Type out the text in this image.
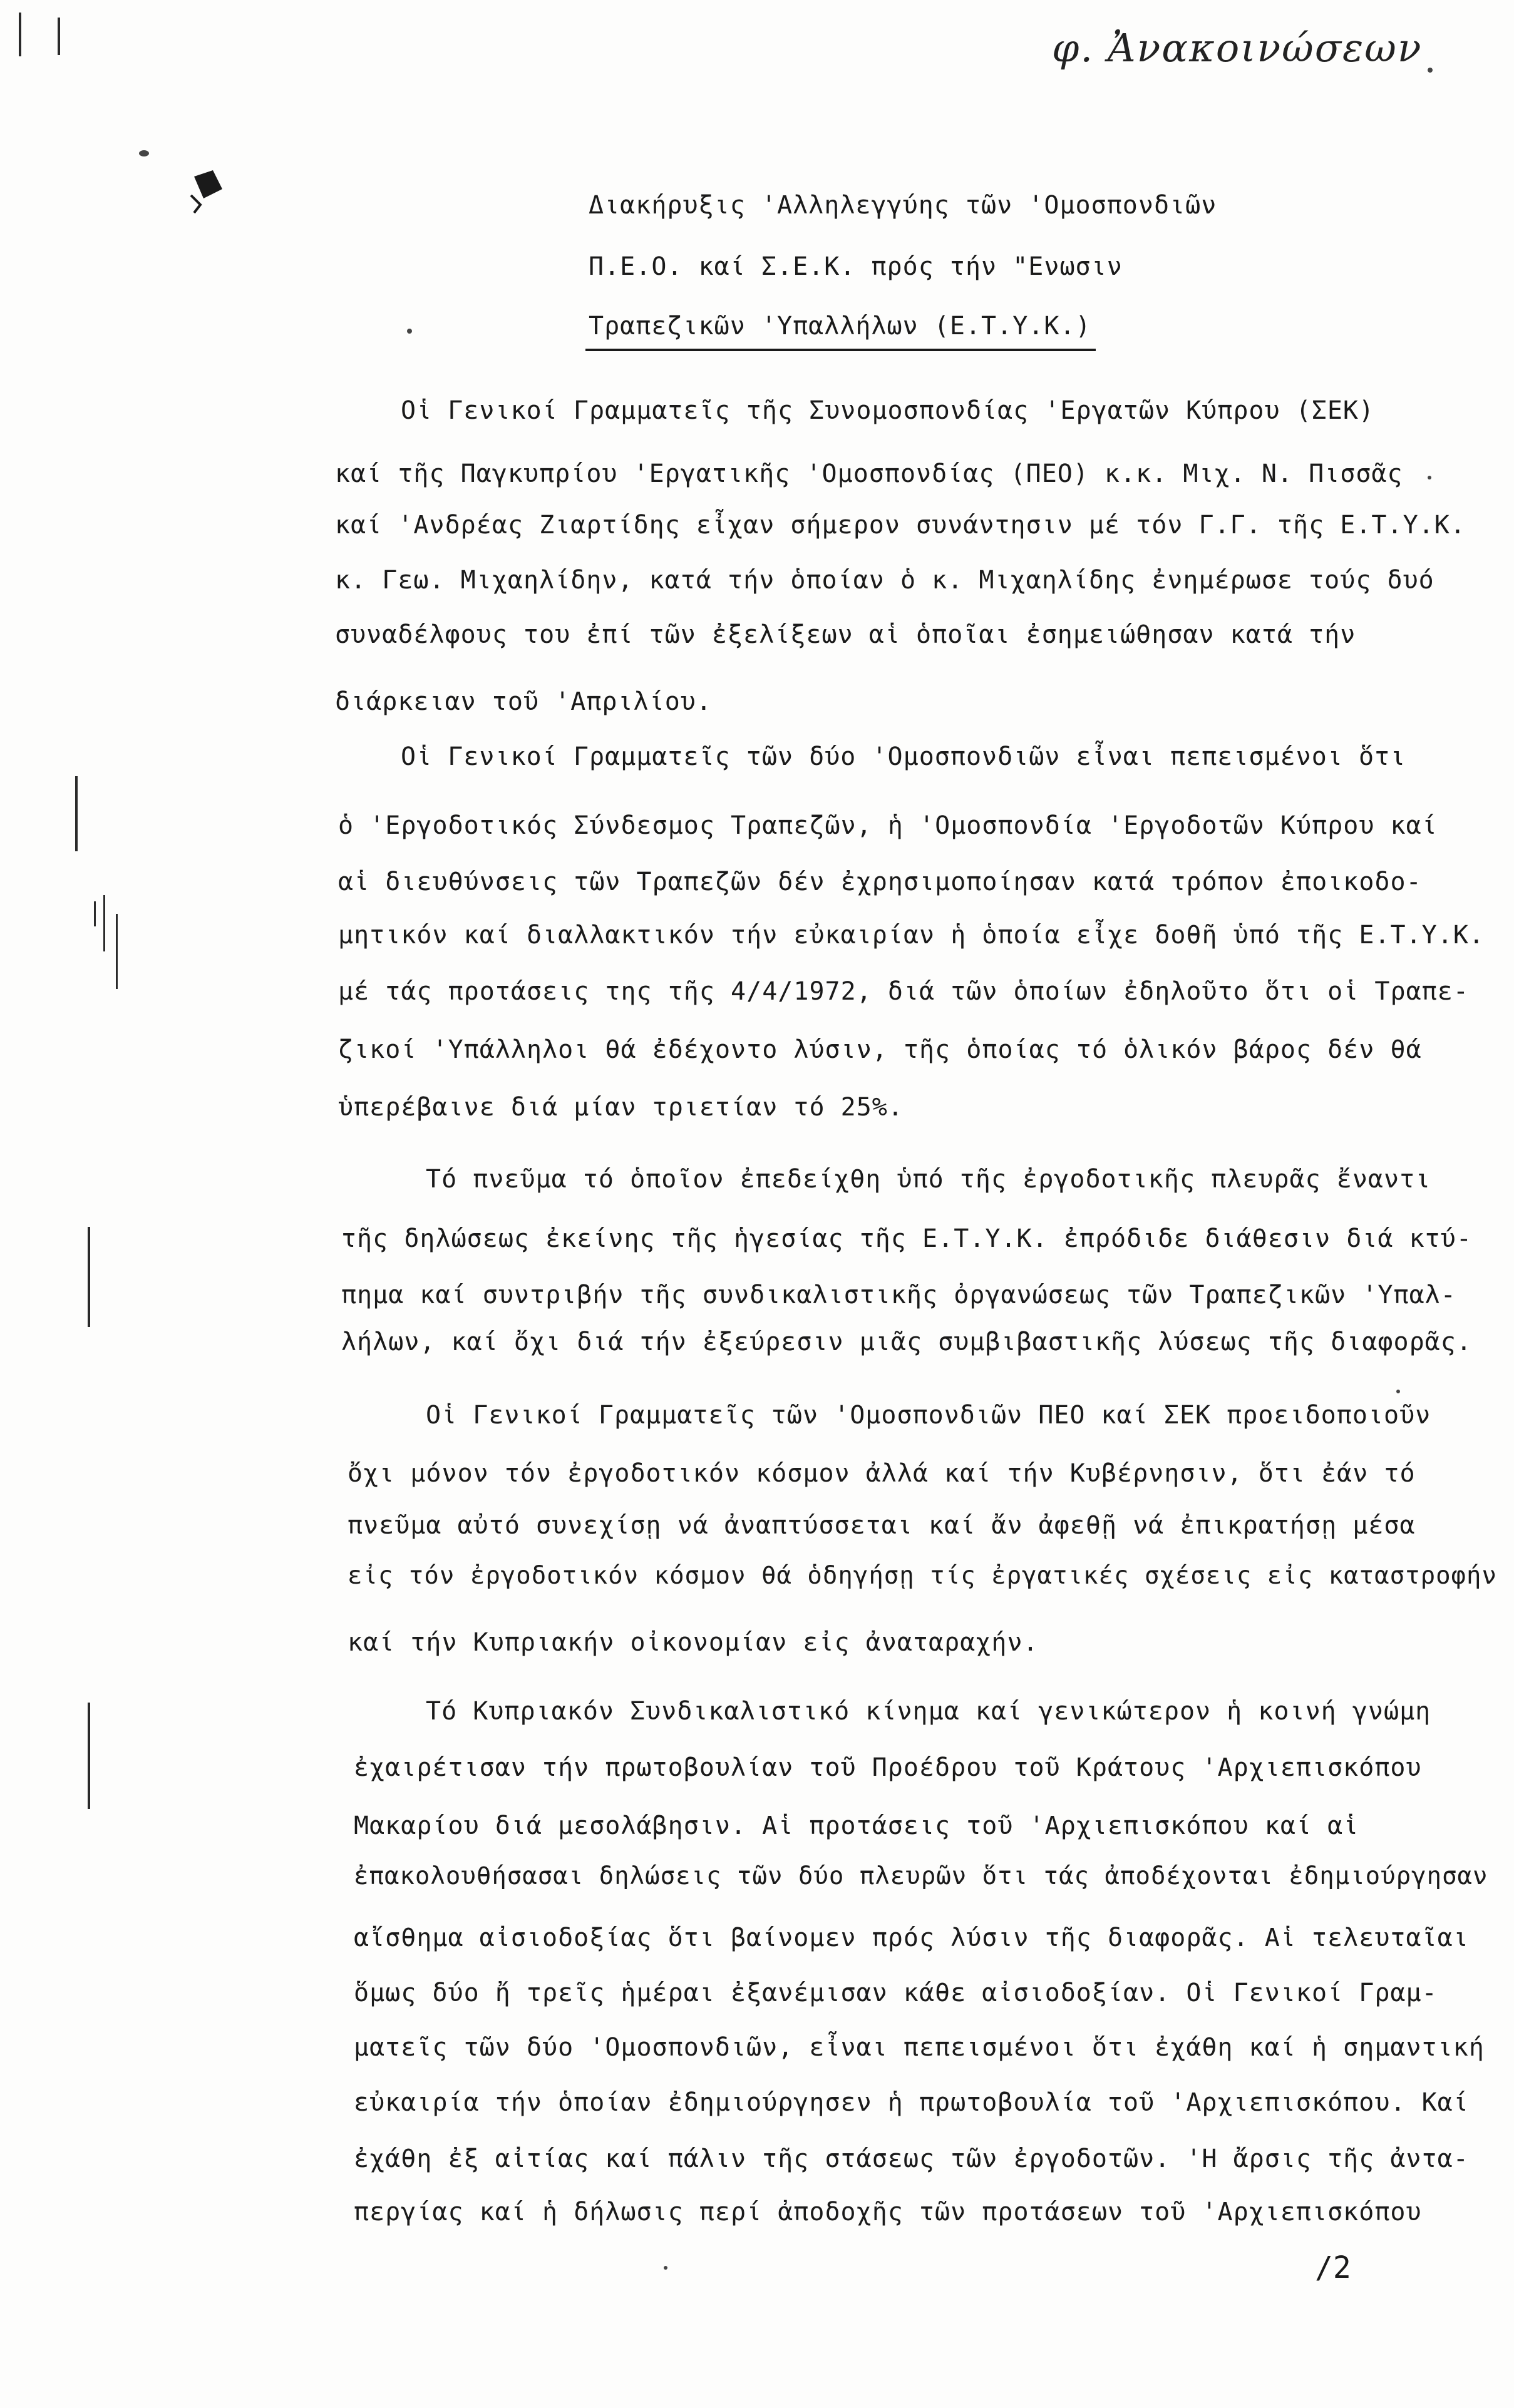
φ. Ἀνακοινώσεων
Διακήρυξις 'Αλληλεγγύης τῶν 'Ομοσπονδιῶν
Π.Ε.Ο. καί Σ.Ε.Κ. πρός τήν "Ενωσιν
Τραπεζικῶν 'Υπαλλήλων (Ε.Τ.Υ.Κ.)
Οἱ Γενικοί Γραμματεῖς τῆς Συνομοσπονδίας 'Εργατῶν Κύπρου (ΣΕΚ)
καί τῆς Παγκυπρίου 'Εργατικῆς 'Ομοσπονδίας (ΠΕΟ) κ.κ. Μιχ. Ν. Πισσᾶς
καί 'Ανδρέας Ζιαρτίδης εἶχαν σήμερον συνάντησιν μέ τόν Γ.Γ. τῆς Ε.Τ.Υ.Κ.
κ. Γεω. Μιχαηλίδην, κατά τήν ὁποίαν ὁ κ. Μιχαηλίδης ἐνημέρωσε τούς δυό
συναδέλφους του ἐπί τῶν ἐξελίξεων αἱ ὁποῖαι ἐσημειώθησαν κατά τήν
διάρκειαν τοῦ 'Απριλίου.
Οἱ Γενικοί Γραμματεῖς τῶν δύο 'Ομοσπονδιῶν εἶναι πεπεισμένοι ὅτι
ὁ 'Εργοδοτικός Σύνδεσμος Τραπεζῶν, ἡ 'Ομοσπονδία 'Εργοδοτῶν Κύπρου καί
αἱ διευθύνσεις τῶν Τραπεζῶν δέν ἐχρησιμοποίησαν κατά τρόπον ἐποικοδο-
μητικόν καί διαλλακτικόν τήν εὐκαιρίαν ἡ ὁποία εἶχε δοθῆ ὑπό τῆς Ε.Τ.Υ.Κ.
μέ τάς προτάσεις της τῆς 4/4/1972, διά τῶν ὁποίων ἐδηλοῦτο ὅτι οἱ Τραπε-
ζικοί 'Υπάλληλοι θά ἐδέχοντο λύσιν, τῆς ὁποίας τό ὁλικόν βάρος δέν θά
ὑπερέβαινε διά μίαν τριετίαν τό 25%.
Τό πνεῦμα τό ὁποῖον ἐπεδείχθη ὑπό τῆς ἐργοδοτικῆς πλευρᾶς ἔναντι
τῆς δηλώσεως ἐκείνης τῆς ἡγεσίας τῆς Ε.Τ.Υ.Κ. ἐπρόδιδε διάθεσιν διά κτύ-
πημα καί συντριβήν τῆς συνδικαλιστικῆς ὀργανώσεως τῶν Τραπεζικῶν 'Υπαλ-
λήλων, καί ὄχι διά τήν ἐξεύρεσιν μιᾶς συμβιβαστικῆς λύσεως τῆς διαφορᾶς.
Οἱ Γενικοί Γραμματεῖς τῶν 'Ομοσπονδιῶν ΠΕΟ καί ΣΕΚ προειδοποιοῦν
ὄχι μόνον τόν ἐργοδοτικόν κόσμον ἀλλά καί τήν Κυβέρνησιν, ὅτι ἐάν τό
πνεῦμα αὐτό συνεχίσῃ νά ἀναπτύσσεται καί ἄν ἀφεθῇ νά ἐπικρατήσῃ μέσα
εἰς τόν ἐργοδοτικόν κόσμον θά ὁδηγήσῃ τίς ἐργατικές σχέσεις εἰς καταστροφήν
καί τήν Κυπριακήν οἰκονομίαν εἰς ἀναταραχήν.
Τό Κυπριακόν Συνδικαλιστικό κίνημα καί γενικώτερον ἡ κοινή γνώμη
ἐχαιρέτισαν τήν πρωτοβουλίαν τοῦ Προέδρου τοῦ Κράτους 'Αρχιεπισκόπου
Μακαρίου διά μεσολάβησιν. Αἱ προτάσεις τοῦ 'Αρχιεπισκόπου καί αἱ
ἐπακολουθήσασαι δηλώσεις τῶν δύο πλευρῶν ὅτι τάς ἀποδέχονται ἐδημιούργησαν
αἴσθημα αἰσιοδοξίας ὅτι βαίνομεν πρός λύσιν τῆς διαφορᾶς. Αἱ τελευταῖαι
ὅμως δύο ἤ τρεῖς ἡμέραι ἐξανέμισαν κάθε αἰσιοδοξίαν. Οἱ Γενικοί Γραμ-
ματεῖς τῶν δύο 'Ομοσπονδιῶν, εἶναι πεπεισμένοι ὅτι ἐχάθη καί ἡ σημαντική
εὐκαιρία τήν ὁποίαν ἐδημιούργησεν ἡ πρωτοβουλία τοῦ 'Αρχιεπισκόπου. Καί
ἐχάθη ἐξ αἰτίας καί πάλιν τῆς στάσεως τῶν ἐργοδοτῶν. 'Η ἄρσις τῆς ἀντα-
περγίας καί ἡ δήλωσις περί ἀποδοχῆς τῶν προτάσεων τοῦ 'Αρχιεπισκόπου
/2
